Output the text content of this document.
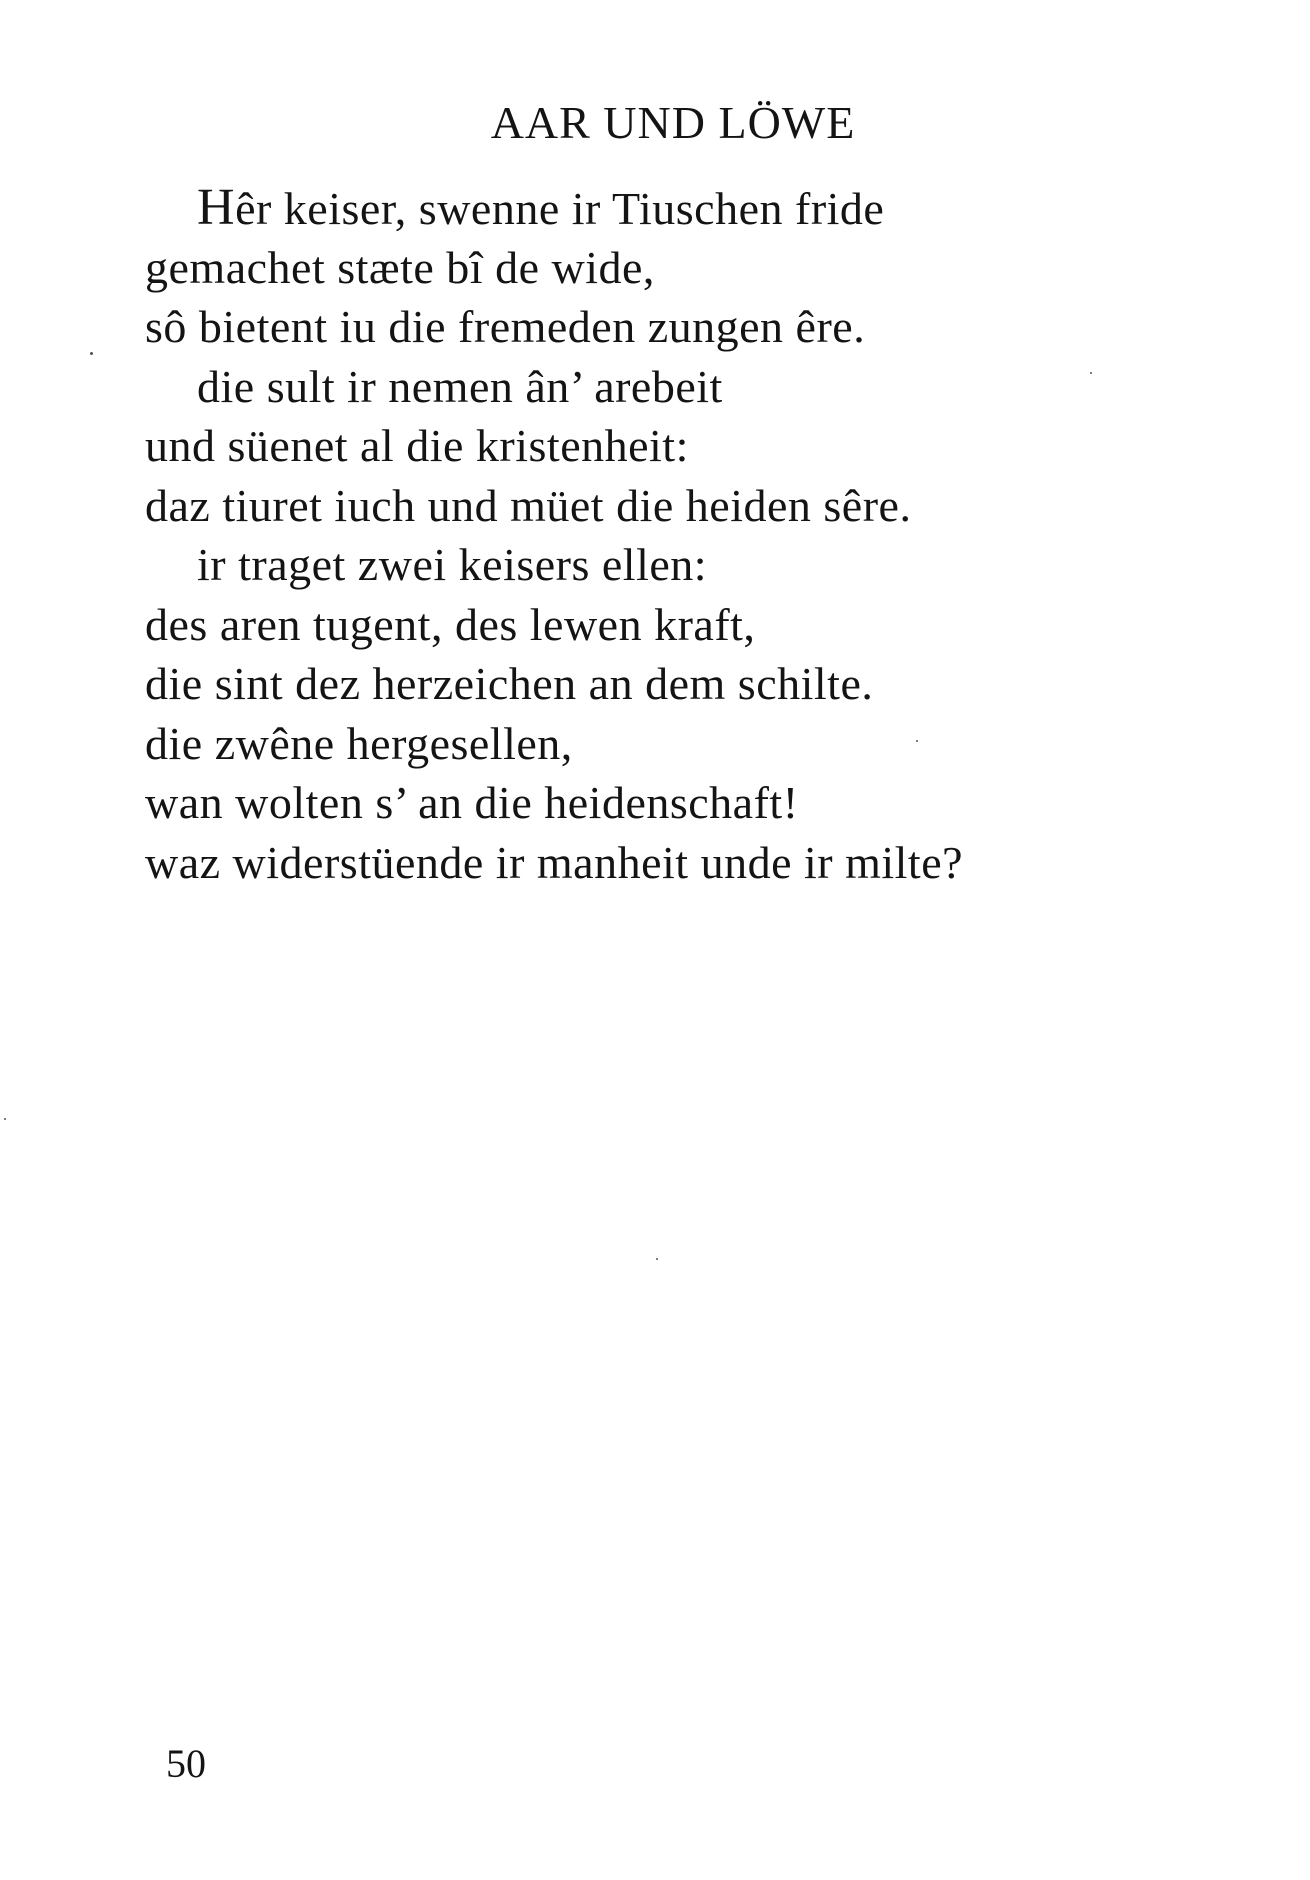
AAR UND LÖWE
Hêr keiser, swenne ir Tiuschen fride
gemachet stæte bî de wide,
sô bietent iu die fremeden zungen êre.
die sult ir nemen ân’ arebeit
und süenet al die kristenheit:
daz tiuret iuch und müet die heiden sêre.
ir traget zwei keisers ellen:
des aren tugent, des lewen kraft,
die sint dez herzeichen an dem schilte.
die zwêne hergesellen,
wan wolten s’ an die heidenschaft!
waz widerstüende ir manheit unde ir milte?
50
